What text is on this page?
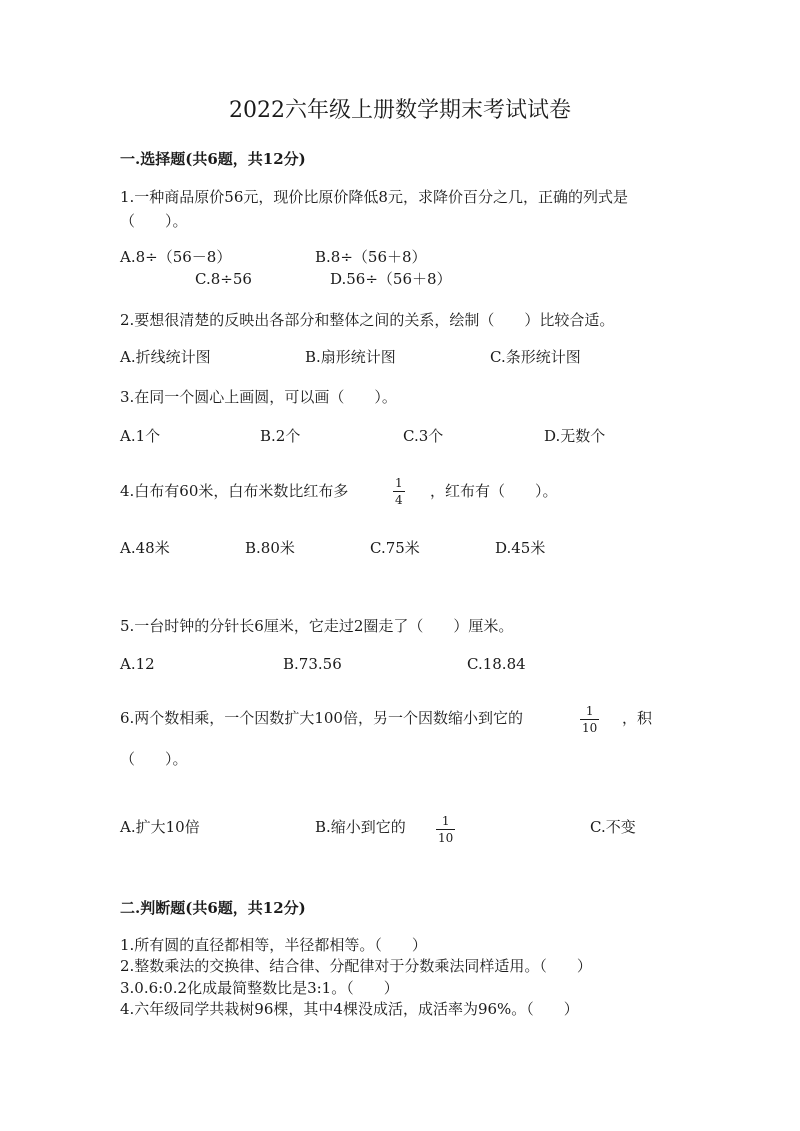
2022六年级上册数学期末考试试卷
一.选择题(共6题，共12分)
1.一种商品原价56元，现价比原价降低8元，求降价百分之几，正确的列式是
（　　）。
A.8÷（56－8）	B.8÷（56＋8）
C.8÷56	D.56÷（56＋8）
2.要想很清楚的反映出各部分和整体之间的关系，绘制（　　）比较合适。
A.折线统计图	B.扇形统计图	C.条形统计图
3.在同一个圆心上画圆，可以画（　　）。
A.1个	B.2个	C.3个	D.无数个
4.白布有60米，白布米数比红布多	1
4 ，红布有（　　）。
A.48米	B.80米	C.75米	D.45米
5.一台时钟的分针长6厘米，它走过2圈走了（　　）厘米。
A.12	B.73.56	C.18.84
6.两个数相乘，一个因数扩大100倍，另一个因数缩小到它的	1
10
，积
（　　）。
A.扩大10倍	B.缩小到它的	1
10
C.不变
二.判断题(共6题，共12分)
1.所有圆的直径都相等，半径都相等。（　　）
2.整数乘法的交换律、结合律、分配律对于分数乘法同样适用。（　　）
3.0.6:0.2化成最简整数比是3:1。（　　）
4.六年级同学共栽树96棵，其中4棵没成活，成活率为96%。（　　）
